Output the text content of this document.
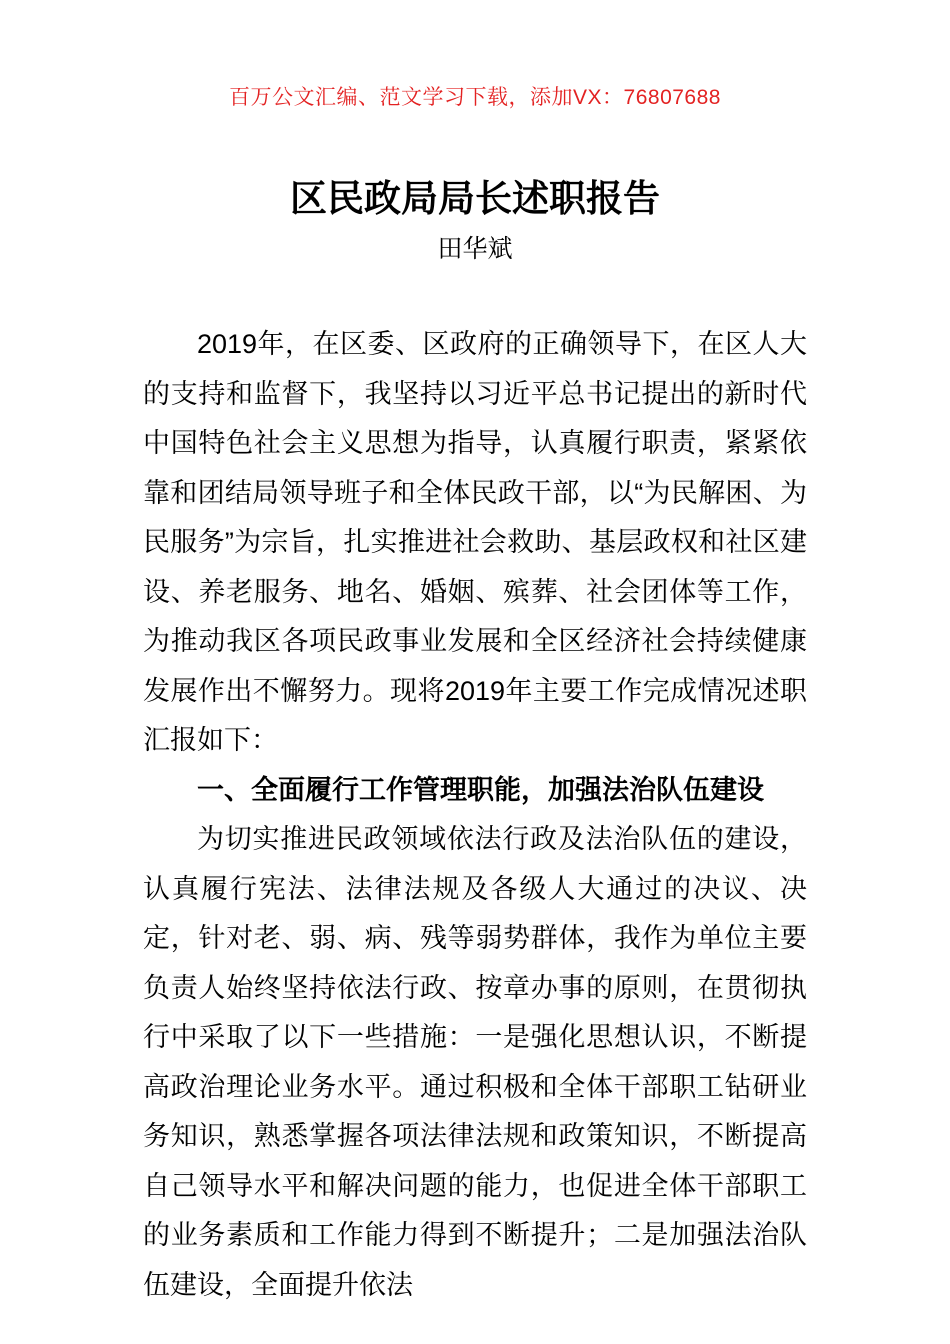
百万公文汇编、范文学习下载，添加VX：76807688
区民政局局长述职报告
田华斌

2019年，在区委、区政府的正确领导下，在区人大的支持和监督下，我坚持以习近平总书记提出的新时代中国特色社会主义思想为指导，认真履行职责，紧紧依靠和团结局领导班子和全体民政干部，以“为民解困、为民服务”为宗旨，扎实推进社会救助、基层政权和社区建设、养老服务、地名、婚姻、殡葬、社会团体等工作，为推动我区各项民政事业发展和全区经济社会持续健康发展作出不懈努力。现将2019年主要工作完成情况述职汇报如下：

一、全面履行工作管理职能，加强法治队伍建设

为切实推进民政领域依法行政及法治队伍的建设，认真履行宪法、法律法规及各级人大通过的决议、决定，针对老、弱、病、残等弱势群体，我作为单位主要负责人始终坚持依法行政、按章办事的原则，在贯彻执行中采取了以下一些措施：一是强化思想认识，不断提高政治理论业务水平。通过积极和全体干部职工钻研业务知识，熟悉掌握各项法律法规和政策知识，不断提高自己领导水平和解决问题的能力，也促进全体干部职工的业务素质和工作能力得到不断提升；二是加强法治队伍建设，全面提升依法
